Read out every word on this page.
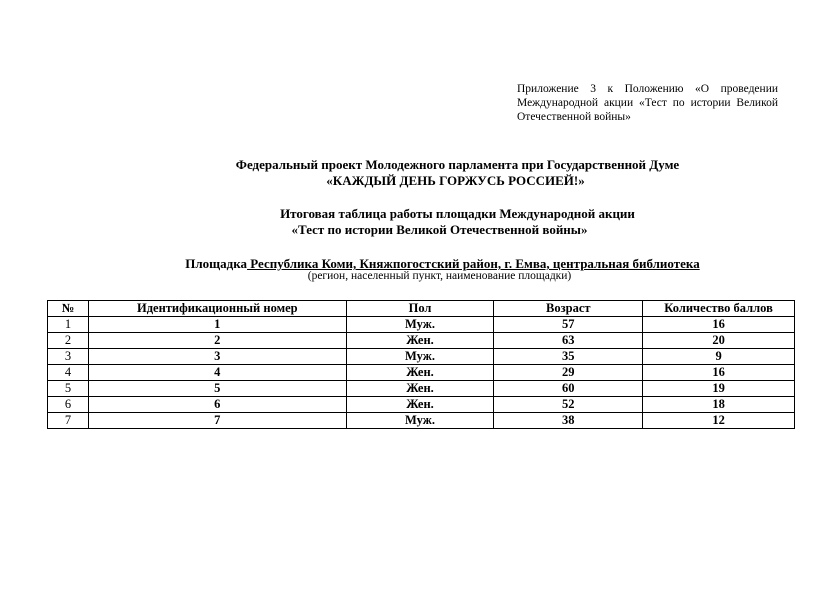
Приложение 3 к Положению «О проведении Международной акции «Тест по истории Великой Отечественной войны»
Федеральный проект Молодежного парламента при Государственной Думе
«КАЖДЫЙ ДЕНЬ ГОРЖУСЬ РОССИЕЙ!»
Итоговая таблица работы площадки Международной акции
«Тест по истории Великой Отечественной войны»
Площадка Республика Коми, Княжпогостский район, г. Емва, центральная библиотека
(регион, населенный пункт, наименование площадки)
№	Идентификационный номер	Пол	Возраст	Количество баллов
1	1	Муж.	57	16
2	2	Жен.	63	20
3	3	Муж.	35	9
4	4	Жен.	29	16
5	5	Жен.	60	19
6	6	Жен.	52	18
7	7	Муж.	38	12
